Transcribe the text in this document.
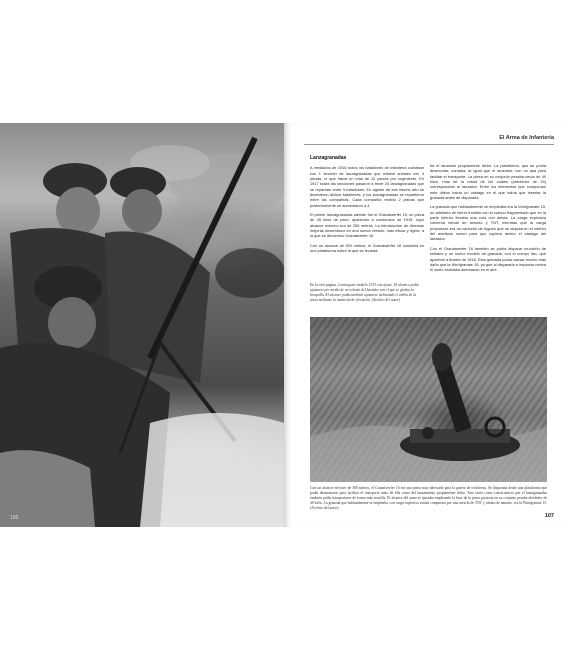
106
El Arma de Infantería
Lanzagranadas

A mediados de 1916 todos los batallones de infantería contaban con 1 sección de lanzagranadas que estaba armada con 4 piezas, lo que hacía un total de 12 piezas por regimiento. En 1917 todas las secciones pasaron a tener 24 lanzagranadas que se repartían entre 3 batallones. En agosto de ese mismo año se disolvieron dichos batallones, y los lanzagranadas se repartieron entre las compañías. Cada compañía recibió 2 piezas que posteriormente se aumentaron a 4.

El primer lanzagranadas alemán fue el Granatwerfer 15, un pieza de 45 kilos de peso, aparecido a comienzos de 1915, cuyo alcance máximo era de 250 metros. La introducción de diversas mejoras desembocó en una nueva versión, más eficaz y ligera, a la que se denominó Granatwerfer 16.

Con un alcance de 300 metros, el Granatwerfer 16 consistía en una plataforma sobre la que se levanta-

En la otra página. Contingente modelo 1915 con ajuste. El alcance podía ajustarse por medio de un volante del bastidor con el que se giraba la horquilla. El alcance podía también ajustarse inclinando el cañón de la pieza mediante la manivela de elevación. (Archivo del autor)

ba el lanzador propiamente dicho. La plataforma, que se podía desmontar, contaba, al igual que el lanzador, con un asa para facilitar el transporte. La pieza en su conjunto pesaba cerca de 40 kilos, más de la mitad de los cuales (alrededor de 24) correspondían al lanzador. Entre los elementos que componían este último había un vástago en el que había que insertar la granada antes de dispararla.

La granada que habitualmente se empleaba era la Wurfgranate 15, un artefacto de hierro fundido con el cuerpo fragmentado que en la parte inferior llevaba una cola con aletas. La carga explosiva contenía nitrato de amonio y TNT, mientras que la carga propulsora era un cartucho de fogueo que se alojaba en el interior del artefacto nuevo para que cupiera dentro el vástago del lanzador.

Con el Granatwerfer 16 también se podía disparar munición de señales y un nuevo modelo de granada, con el cuerpo liso, que apareció a finales de 1916. Esta granada podía causar mucho más daño que la Wurfgranate 15, ya que al dispararla e impactar contra el suelo estallaba detonando en el aire.

Con un alcance efectivo de 300 metros, el Granatwerfer 16 era una pieza muy adecuada para la guerra de trincheras. Se disparaba desde una plataforma que podía desmontarse para facilitar el transporte tanto de ella como del lanzamiento propiamente dicho. Esto tenía como consecuencia que el lanzagranadas también podía transportarse de forma más sencilla. El alcance del arma se ajustaba empleando la base de la pieza giratoria en su conjunto pesaba alrededor de 40 kilos. La granada que habitualmente se empleaba, con carga explosiva estaba compuesta por una mezcla de TNT y nitrato de amonio, era la Wurfgranate 15. (Archivo del autor)
107
